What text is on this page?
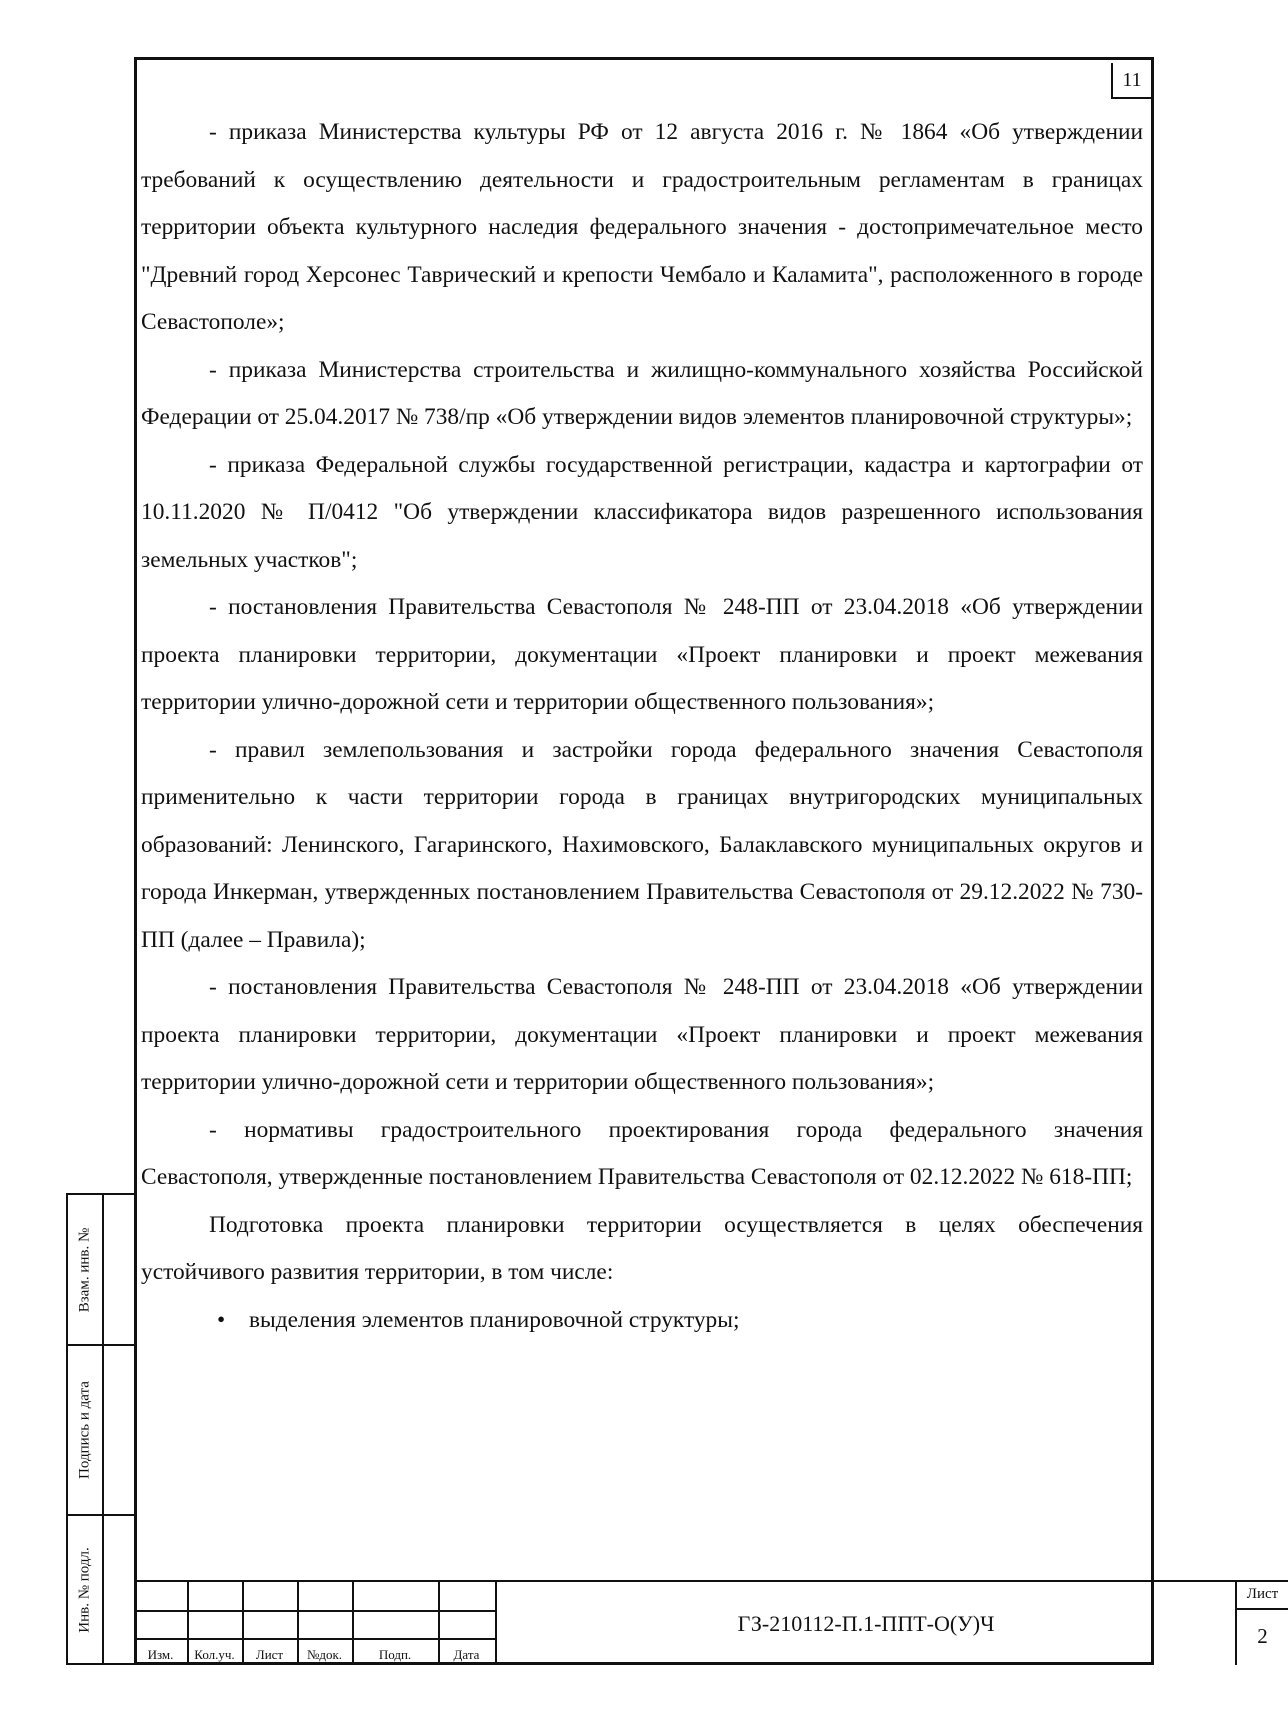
11

- приказа Министерства культуры РФ от 12 августа 2016 г. № 1864 «Об утверждении требований к осуществлению деятельности и градостроительным регламентам в границах территории объекта культурного наследия федерального значения - достопримечательное место "Древний город Херсонес Таврический и крепости Чембало и Каламита", расположенного в городе Севастополе»;

- приказа Министерства строительства и жилищно-коммунального хозяйства Российской Федерации от 25.04.2017 № 738/пр «Об утверждении видов элементов планировочной структуры»;

- приказа Федеральной службы государственной регистрации, кадастра и картографии от 10.11.2020 № П/0412 "Об утверждении классификатора видов разрешенного использования земельных участков";

- постановления Правительства Севастополя № 248-ПП от 23.04.2018 «Об утверждении проекта планировки территории, документации «Проект планировки и проект межевания территории улично-дорожной сети и территории общественного пользования»;

- правил землепользования и застройки города федерального значения Севастополя применительно к части территории города в границах внутригородских муниципальных образований: Ленинского, Гагаринского, Нахимовского, Балаклавского муниципальных округов и города Инкерман, утвержденных постановлением Правительства Севастополя от 29.12.2022 № 730-ПП (далее – Правила);

- постановления Правительства Севастополя № 248-ПП от 23.04.2018 «Об утверждении проекта планировки территории, документации «Проект планировки и проект межевания территории улично-дорожной сети и территории общественного пользования»;

- нормативы градостроительного проектирования города федерального значения Севастополя, утвержденные постановлением Правительства Севастополя от 02.12.2022 № 618-ПП;

Подготовка проекта планировки территории осуществляется в целях обеспечения устойчивого развития территории, в том числе:

• выделения элементов планировочной структуры;

Взам. инв. №
Подпись и дата
Инв. № подл.
Изм.	Кол.уч.	Лист	№док.	Подп.	Дата
ГЗ-210112-П.1-ППТ-О(У)Ч
Лист
2
